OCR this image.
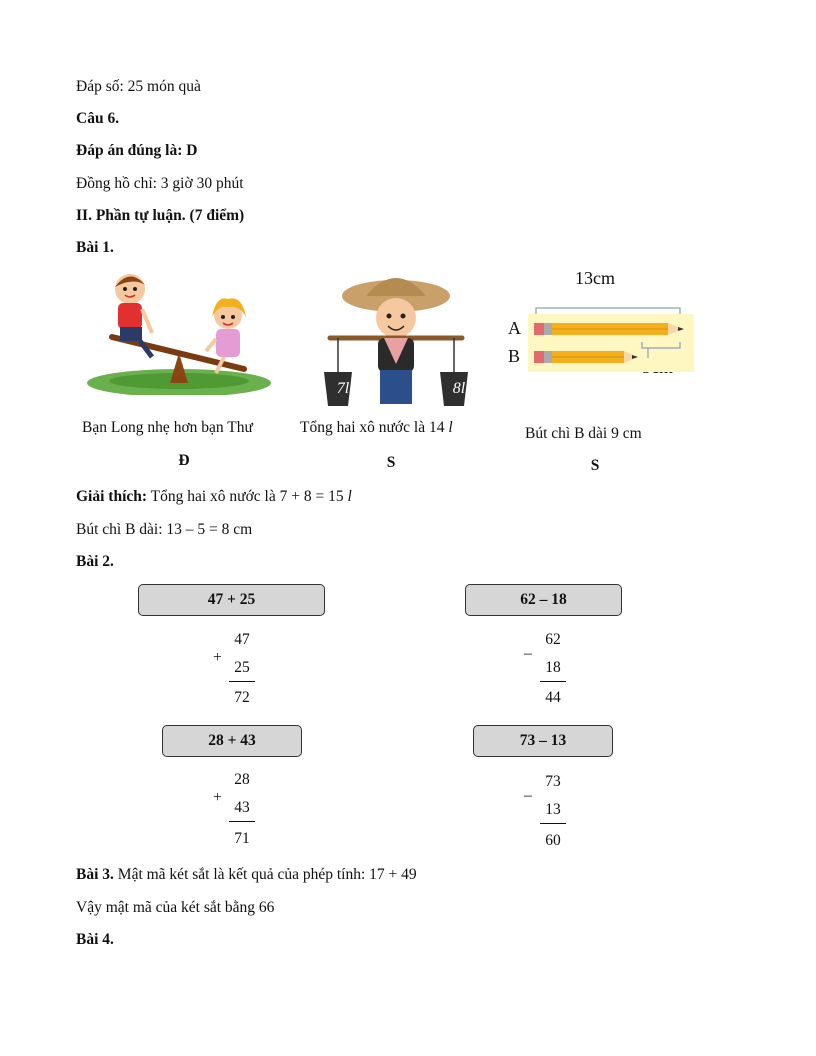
Đáp số: 25 món quà
Câu 6.
Đáp án đúng là: D
Đồng hồ chỉ: 3 giờ 30 phút
II. Phần tự luận. (7 điểm)
Bài 1.
7l	8l
13cm
A
B
Bạn Long nhẹ hơn bạn Thư	Tổng hai xô nước là 14 l	Bút chì B dài 9 cm
Đ	S	S
Giải thích: Tổng hai xô nước là 7 + 8 = 15 l
Bút chì B dài: 13 – 5 = 8 cm
Bài 2.
47 + 25	62 – 18
28 + 43	73 – 13
+
47
25
72
–
62
18
44
+
28
43
71
–
73
13
60
Bài 3. Mật mã két sắt là kết quả của phép tính: 17 + 49
Vậy mật mã của két sắt bằng 66
Bài 4.
